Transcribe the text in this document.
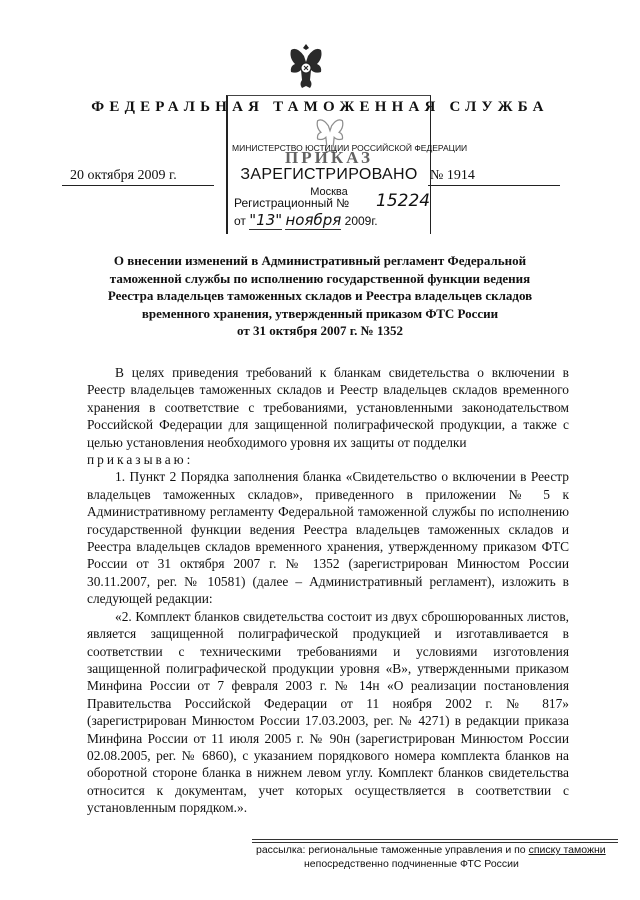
ФЕДЕРАЛЬНАЯ ТАМОЖЕННАЯ СЛУЖБА
МИНИСТЕРСТВО ЮСТИЦИИ РОССИЙСКОЙ ФЕДЕРАЦИИ
ПРИКАЗ
ЗАРЕГИСТРИРОВАНО
Москва
Регистрационный № 15224
от "13" ноября 2009г.
20 октября 2009 г.	№ 1914
О внесении изменений в Административный регламент Федеральной
таможенной службы по исполнению государственной функции ведения
Реестра владельцев таможенных складов и Реестра владельцев складов
временного хранения, утвержденный приказом ФТС России
от 31 октября 2007 г. № 1352

В целях приведения требований к бланкам свидетельства о включении в Реестр владельцев таможенных складов и Реестр владельцев складов временного хранения в соответствие с требованиями, установленными законодательством Российской Федерации для защищенной полиграфической продукции, а также с целью установления необходимого уровня их защиты от подделки

приказываю:

1. Пункт 2 Порядка заполнения бланка «Свидетельство о включении в Реестр владельцев таможенных складов», приведенного в приложении № 5 к Административному регламенту Федеральной таможенной службы по исполнению государственной функции ведения Реестра владельцев таможенных складов и Реестра владельцев складов временного хранения, утвержденному приказом ФТС России от 31 октября 2007 г. № 1352 (зарегистрирован Минюстом России 30.11.2007, рег. № 10581) (далее – Административный регламент), изложить в следующей редакции:

«2. Комплект бланков свидетельства состоит из двух сброшюрованных листов, является защищенной полиграфической продукцией и изготавливается в соответствии с техническими требованиями и условиями изготовления защищенной полиграфической продукции уровня «В», утвержденными приказом Минфина России от 7 февраля 2003 г. № 14н «О реализации постановления Правительства Российской Федерации от 11 ноября 2002 г. № 817» (зарегистрирован Минюстом России 17.03.2003, рег. № 4271) в редакции приказа Минфина России от 11 июля 2005 г. № 90н (зарегистрирован Минюстом России 02.08.2005, рег. № 6860), с указанием порядкового номера комплекта бланков на оборотной стороне бланка в нижнем левом углу. Комплект бланков свидетельства относится к документам, учет которых осуществляется в соответствии с установленным порядком.».

рассылка: региональные таможенные управления и по списку таможни
непосредственно подчиненные ФТС России
